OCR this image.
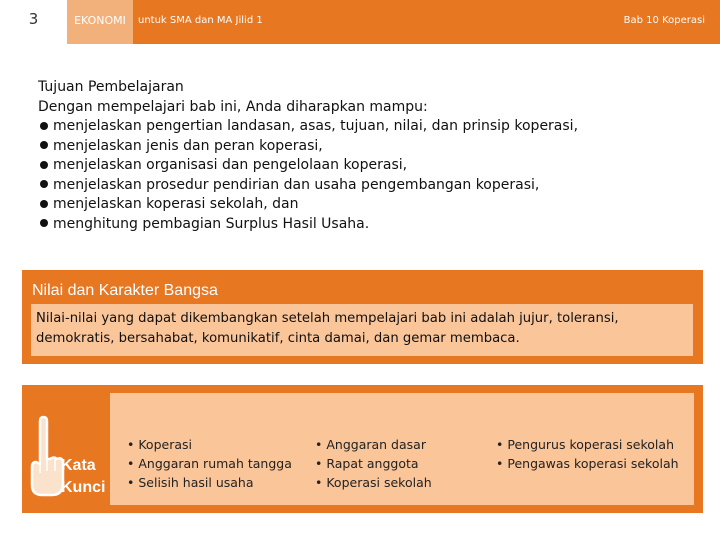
3	EKONOMI	untuk SMA dan MA Jilid 1	Bab 10 Koperasi
Tujuan Pembelajaran
Dengan mempelajari bab ini, Anda diharapkan mampu:
menjelaskan pengertian landasan, asas, tujuan, nilai, dan prinsip koperasi,
menjelaskan jenis dan peran koperasi,
menjelaskan organisasi dan pengelolaan koperasi,
menjelaskan prosedur pendirian dan usaha pengembangan koperasi,
menjelaskan koperasi sekolah, dan
menghitung pembagian Surplus Hasil Usaha.
Nilai dan Karakter Bangsa
Nilai-nilai yang dapat dikembangkan setelah mempelajari bab ini adalah jujur, toleransi, demokratis, bersahabat, komunikatif, cinta damai, dan gemar membaca.
Kata
Kunci
• Koperasi
• Anggaran rumah tangga
• Selisih hasil usaha
• Anggaran dasar
• Rapat anggota
• Koperasi sekolah
• Pengurus koperasi sekolah
• Pengawas koperasi sekolah
